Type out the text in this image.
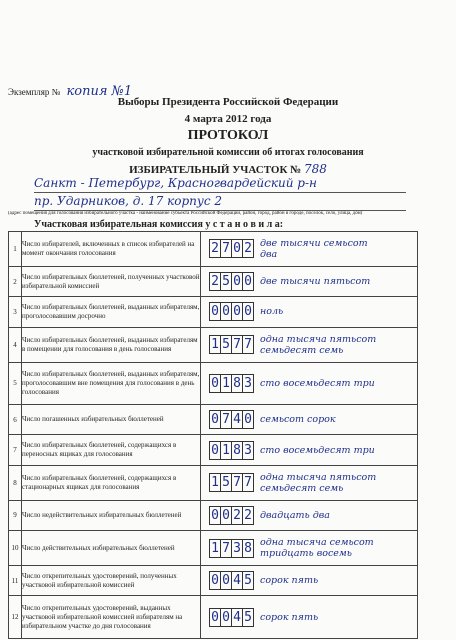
Экземпляр № копия №1
Выборы Президента Российской Федерации
4 марта 2012 года
ПРОТОКОЛ
участковой избирательной комиссии об итогах голосования
ИЗБИРАТЕЛЬНЫЙ УЧАСТОК № 788
Санкт - Петербург, Красногвардейский р-н
пр. Ударников, д. 17 корпус 2
(адрес помещения для голосования избирательного участка - наименование субъекта Российской Федерации, район, город, район в городе, поселок, село, улица, дом)
Участковая избирательная комиссия у с т а н о в и л а:
1	Число избирателей, включенных в список избирателей на момент окончания голосования	2 7 0 2 две тысячи семьсот два
2	Число избирательных бюллетеней, полученных участковой избирательной комиссией	2 5 0 0 две тысячи пятьсот
3	Число избирательных бюллетеней, выданных избирателям, проголосовавшим досрочно	0 0 0 0 ноль
4	Число избирательных бюллетеней, выданных избирателям в помещении для голосования в день голосования	1 5 7 7 одна тысяча пятьсот семьдесят семь
5	Число избирательных бюллетеней, выданных избирателям, проголосовавшим вне помещения для голосования в день голосования	0 1 8 3 сто восемьдесят три
6	Число погашенных избирательных бюллетеней	0 7 4 0 семьсот сорок
7	Число избирательных бюллетеней, содержащихся в переносных ящиках для голосования	0 1 8 3 сто восемьдесят три
8	Число избирательных бюллетеней, содержащихся в стационарных ящиках для голосования	1 5 7 7 одна тысяча пятьсот семьдесят семь
9	Число недействительных избирательных бюллетеней	0 0 2 2 двадцать два
10	Число действительных избирательных бюллетеней	1 7 3 8 одна тысяча семьсот тридцать восемь
11	Число открепительных удостоверений, полученных участковой избирательной комиссией	0 0 4 5 сорок пять
12	Число открепительных удостоверений, выданных участковой избирательной комиссией избирателям на избирательном участке до дня голосования	0 0 4 5 сорок пять
